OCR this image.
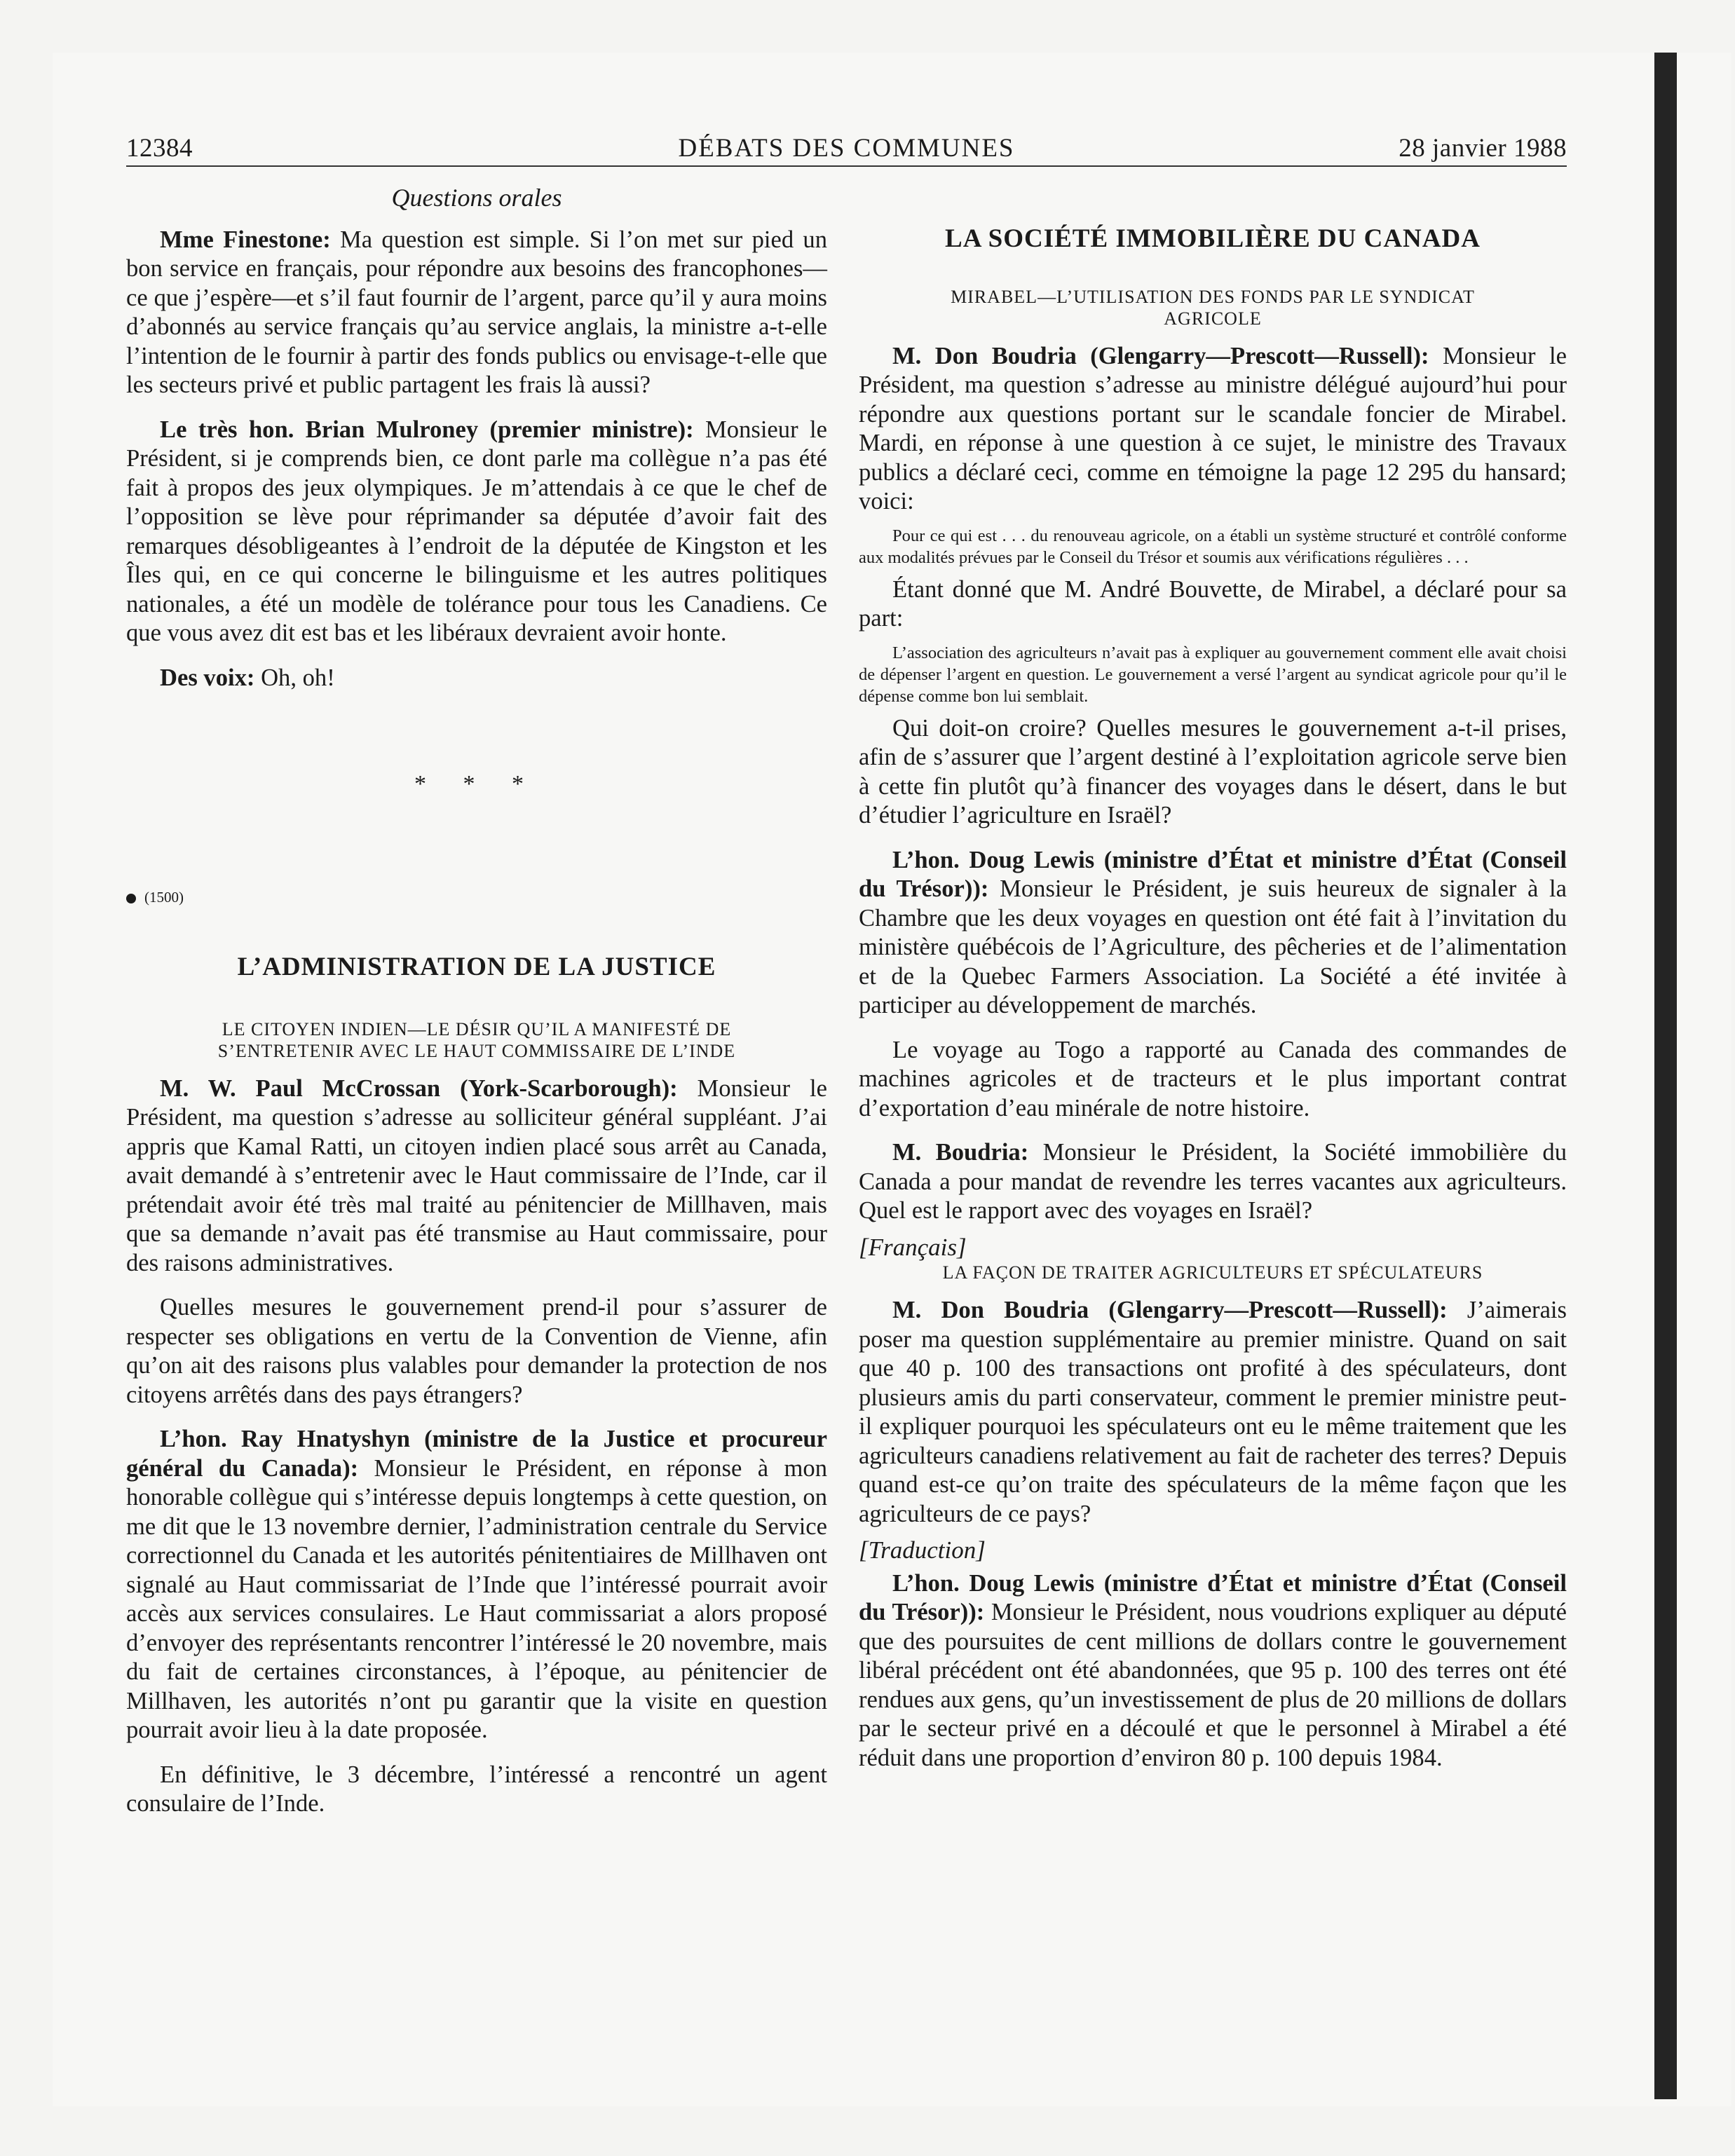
12384	DÉBATS DES COMMUNES	28 janvier 1988
Questions orales

Mme Finestone: Ma question est simple. Si l’on met sur pied un bon service en français, pour répondre aux besoins des francophones—ce que j’espère—et s’il faut fournir de l’argent, parce qu’il y aura moins d’abonnés au service français qu’au service anglais, la ministre a-t-elle l’intention de le fournir à partir des fonds publics ou envisage-t-elle que les secteurs privé et public partagent les frais là aussi?

Le très hon. Brian Mulroney (premier ministre): Monsieur le Président, si je comprends bien, ce dont parle ma collègue n’a pas été fait à propos des jeux olympiques. Je m’attendais à ce que le chef de l’opposition se lève pour réprimander sa députée d’avoir fait des remarques désobligeantes à l’endroit de la députée de Kingston et les Îles qui, en ce qui concerne le bilinguisme et les autres politiques nationales, a été un modèle de tolérance pour tous les Canadiens. Ce que vous avez dit est bas et les libéraux devraient avoir honte.

Des voix: Oh, oh!

* * *
(1500)
L’ADMINISTRATION DE LA JUSTICE
LE CITOYEN INDIEN—LE DÉSIR QU’IL A MANIFESTÉ DE
S’ENTRETENIR AVEC LE HAUT COMMISSAIRE DE L’INDE

M. W. Paul McCrossan (York-Scarborough): Monsieur le Président, ma question s’adresse au solliciteur général suppléant. J’ai appris que Kamal Ratti, un citoyen indien placé sous arrêt au Canada, avait demandé à s’entretenir avec le Haut commissaire de l’Inde, car il prétendait avoir été très mal traité au pénitencier de Millhaven, mais que sa demande n’avait pas été transmise au Haut commissaire, pour des raisons administratives.

Quelles mesures le gouvernement prend-il pour s’assurer de respecter ses obligations en vertu de la Convention de Vienne, afin qu’on ait des raisons plus valables pour demander la protection de nos citoyens arrêtés dans des pays étrangers?

L’hon. Ray Hnatyshyn (ministre de la Justice et procureur général du Canada): Monsieur le Président, en réponse à mon honorable collègue qui s’intéresse depuis longtemps à cette question, on me dit que le 13 novembre dernier, l’administration centrale du Service correctionnel du Canada et les autorités pénitentiaires de Millhaven ont signalé au Haut commissariat de l’Inde que l’intéressé pourrait avoir accès aux services consulaires. Le Haut commissariat a alors proposé d’envoyer des représentants rencontrer l’intéressé le 20 novembre, mais du fait de certaines circonstances, à l’époque, au pénitencier de Millhaven, les autorités n’ont pu garantir que la visite en question pourrait avoir lieu à la date proposée.

En définitive, le 3 décembre, l’intéressé a rencontré un agent consulaire de l’Inde.

LA SOCIÉTÉ IMMOBILIÈRE DU CANADA
MIRABEL—L’UTILISATION DES FONDS PAR LE SYNDICAT
AGRICOLE

M. Don Boudria (Glengarry—Prescott—Russell): Monsieur le Président, ma question s’adresse au ministre délégué aujourd’hui pour répondre aux questions portant sur le scandale foncier de Mirabel. Mardi, en réponse à une question à ce sujet, le ministre des Travaux publics a déclaré ceci, comme en témoigne la page 12 295 du hansard; voici:

Pour ce qui est . . . du renouveau agricole, on a établi un système structuré et contrôlé conforme aux modalités prévues par le Conseil du Trésor et soumis aux vérifications régulières . . .

Étant donné que M. André Bouvette, de Mirabel, a déclaré pour sa part:

L’association des agriculteurs n’avait pas à expliquer au gouvernement comment elle avait choisi de dépenser l’argent en question. Le gouvernement a versé l’argent au syndicat agricole pour qu’il le dépense comme bon lui semblait.

Qui doit-on croire? Quelles mesures le gouvernement a-t-il prises, afin de s’assurer que l’argent destiné à l’exploitation agricole serve bien à cette fin plutôt qu’à financer des voyages dans le désert, dans le but d’étudier l’agriculture en Israël?

L’hon. Doug Lewis (ministre d’État et ministre d’État (Conseil du Trésor)): Monsieur le Président, je suis heureux de signaler à la Chambre que les deux voyages en question ont été fait à l’invitation du ministère québécois de l’Agriculture, des pêcheries et de l’alimentation et de la Quebec Farmers Association. La Société a été invitée à participer au développement de marchés.

Le voyage au Togo a rapporté au Canada des commandes de machines agricoles et de tracteurs et le plus important contrat d’exportation d’eau minérale de notre histoire.

M. Boudria: Monsieur le Président, la Société immobilière du Canada a pour mandat de revendre les terres vacantes aux agriculteurs. Quel est le rapport avec des voyages en Israël?

[Français]
LA FAÇON DE TRAITER AGRICULTEURS ET SPÉCULATEURS

M. Don Boudria (Glengarry—Prescott—Russell): J’aimerais poser ma question supplémentaire au premier ministre. Quand on sait que 40 p. 100 des transactions ont profité à des spéculateurs, dont plusieurs amis du parti conservateur, comment le premier ministre peut-il expliquer pourquoi les spéculateurs ont eu le même traitement que les agriculteurs canadiens relativement au fait de racheter des terres? Depuis quand est-ce qu’on traite des spéculateurs de la même façon que les agriculteurs de ce pays?

[Traduction]

L’hon. Doug Lewis (ministre d’État et ministre d’État (Conseil du Trésor)): Monsieur le Président, nous voudrions expliquer au député que des poursuites de cent millions de dollars contre le gouvernement libéral précédent ont été abandonnées, que 95 p. 100 des terres ont été rendues aux gens, qu’un investissement de plus de 20 millions de dollars par le secteur privé en a découlé et que le personnel à Mirabel a été réduit dans une proportion d’environ 80 p. 100 depuis 1984.
